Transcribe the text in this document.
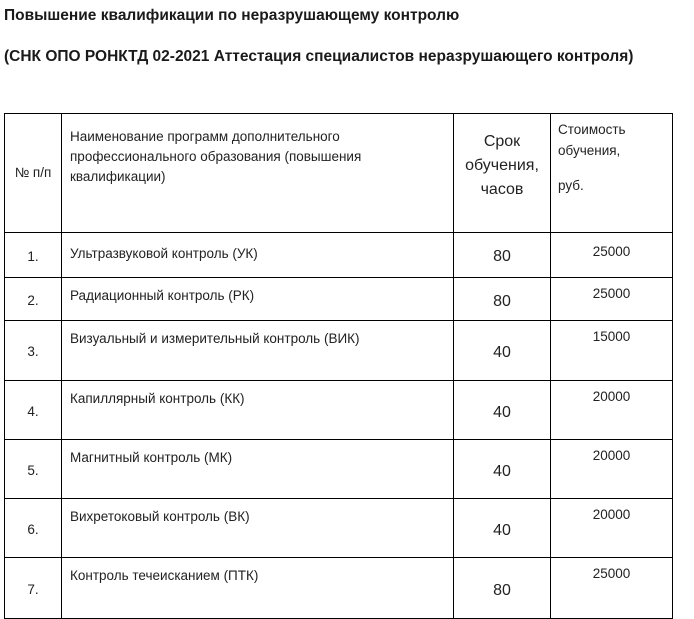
Повышение квалификации по неразрушающему контролю
(СНК ОПО РОНКТД 02-2021 Аттестация специалистов неразрушающего контроля)
№ п/п	Наименование программ дополнительного профессионального образования (повышения квалификации)	Срок обучения, часов	Стоимость обучения,
руб.

1.	Ультразвуковой контроль (УК)	80	25000
2.	Радиационный контроль (РК)	80	25000
3.	Визуальный и измерительный контроль (ВИК)	40	15000
4.	Капиллярный контроль (КК)	40	20000
5.	Магнитный контроль (МК)	40	20000
6.	Вихретоковый контроль (ВК)	40	20000
7.	Контроль течеисканием (ПТК)	80	25000
